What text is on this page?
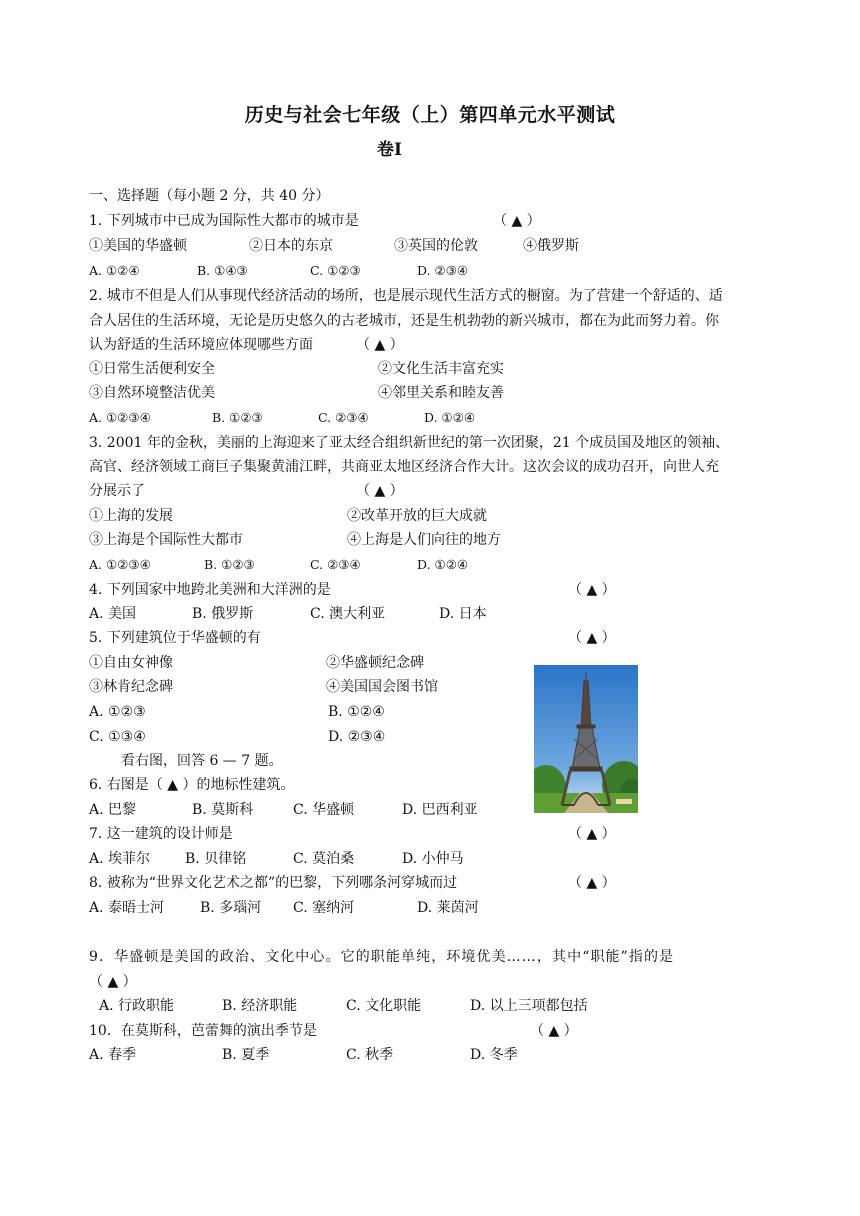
历史与社会七年级（上）第四单元水平测试
卷Ⅰ
一、选择题（每小题 2 分，共 40 分）
1. 下列城市中已成为国际性大都市的城市是	（ ▲ ）
①美国的华盛顿	②日本的东京	③英国的伦敦	④俄罗斯
A. ①②④	B. ①④③	C. ①②③	D. ②③④
2. 城市不但是人们从事现代经济活动的场所，也是展示现代生活方式的橱窗。为了营建一个舒适的、适
合人居住的生活环境，无论是历史悠久的古老城市，还是生机勃勃的新兴城市，都在为此而努力着。你
认为舒适的生活环境应体现哪些方面	（ ▲ ）
①日常生活便利安全	②文化生活丰富充实
③自然环境整洁优美	④邻里关系和睦友善
A. ①②③④	B. ①②③	C. ②③④	D. ①②④
3. 2001 年的金秋，美丽的上海迎来了亚太经合组织新世纪的第一次团聚，21 个成员国及地区的领袖、
高官、经济领域工商巨子集聚黄浦江畔，共商亚太地区经济合作大计。这次会议的成功召开，向世人充
分展示了	（ ▲ ）
①上海的发展	②改革开放的巨大成就
③上海是个国际性大都市	④上海是人们向往的地方
A. ①②③④	B. ①②③	C. ②③④	D. ①②④
4. 下列国家中地跨北美洲和大洋洲的是	（ ▲ ）
A. 美国	B. 俄罗斯	C. 澳大利亚	D. 日本
5. 下列建筑位于华盛顿的有	（ ▲ ）
①自由女神像	②华盛顿纪念碑
③林肯纪念碑	④美国国会图书馆
A. ①②③	B. ①②④
C. ①③④	D. ②③④
看右图，回答 6 — 7 题。
6. 右图是（ ▲ ）的地标性建筑。
A. 巴黎	B. 莫斯科	C. 华盛顿	D. 巴西利亚
7. 这一建筑的设计师是	（ ▲ ）
A. 埃菲尔 B. 贝律铭	C. 莫泊桑	D. 小仲马
8. 被称为“世界文化艺术之都”的巴黎，下列哪条河穿城而过	（ ▲ ）
A. 泰晤士河	B. 多瑙河 C. 塞纳河	D. 莱茵河
9．华盛顿是美国的政治、文化中心。它的职能单纯，环境优美……，其中“职能”指的是
（ ▲ ）
A. 行政职能	B. 经济职能	C. 文化职能	D. 以上三项都包括
10．在莫斯科，芭蕾舞的演出季节是	（ ▲ ）
A. 春季	B. 夏季	C. 秋季	D. 冬季
